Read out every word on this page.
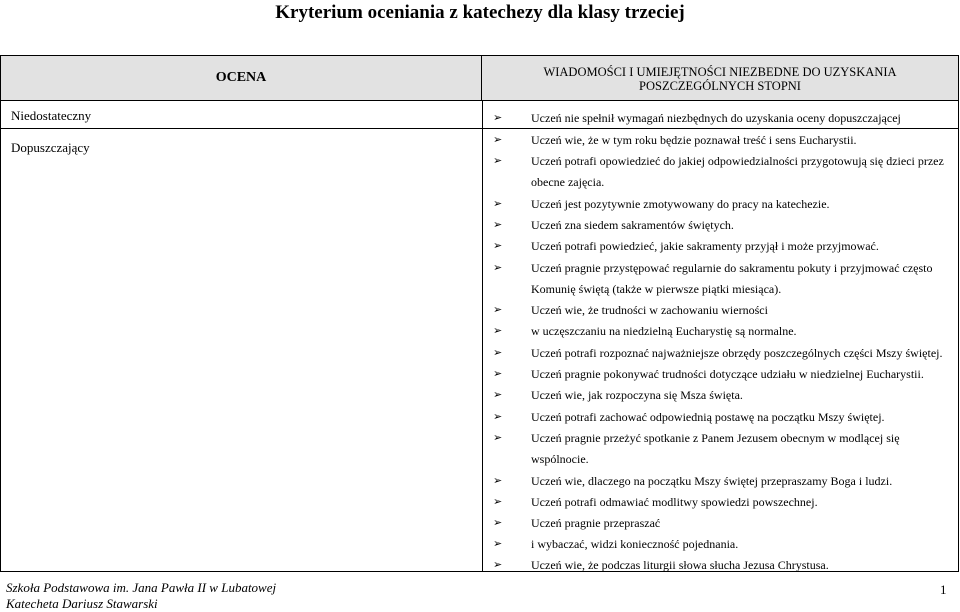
Kryterium oceniania z katechezy dla klasy trzeciej
OCENA	WIADOMOŚCI I UMIEJĘTNOŚCI NIEZBEDNE DO UZYSKANIA
POSZCZEGÓLNYCH STOPNI
Niedostateczny
Dopuszczający
➢ Uczeń nie spełnił wymagań niezbędnych do uzyskania oceny dopuszczającej
➢ Uczeń wie, że w tym roku będzie poznawał treść i sens Eucharystii.
➢ Uczeń potrafi opowiedzieć do jakiej odpowiedzialności przygotowują się dzieci przez
obecne zajęcia.
➢ Uczeń jest pozytywnie zmotywowany do pracy na katechezie.
➢ Uczeń zna siedem sakramentów świętych.
➢ Uczeń potrafi powiedzieć, jakie sakramenty przyjął i może przyjmować.
➢ Uczeń pragnie przystępować regularnie do sakramentu pokuty i przyjmować często
Komunię świętą (także w pierwsze piątki miesiąca).
➢ Uczeń wie, że trudności w zachowaniu wierności
➢ w uczęszczaniu na niedzielną Eucharystię są normalne.
➢ Uczeń potrafi rozpoznać najważniejsze obrzędy poszczególnych części Mszy świętej.
➢ Uczeń pragnie pokonywać trudności dotyczące udziału w niedzielnej Eucharystii.
➢ Uczeń wie, jak rozpoczyna się Msza święta.
➢ Uczeń potrafi zachować odpowiednią postawę na początku Mszy świętej.
➢ Uczeń pragnie przeżyć spotkanie z Panem Jezusem obecnym w modlącej się
wspólnocie.
➢ Uczeń wie, dlaczego na początku Mszy świętej przepraszamy Boga i ludzi.
➢ Uczeń potrafi odmawiać modlitwy spowiedzi powszechnej.
➢ Uczeń pragnie przepraszać
➢ i wybaczać, widzi konieczność pojednania.
➢ Uczeń wie, że podczas liturgii słowa słucha Jezusa Chrystusa.
Szkoła Podstawowa im. Jana Pawła II w Lubatowej
Katecheta Dariusz Stawarski
1
